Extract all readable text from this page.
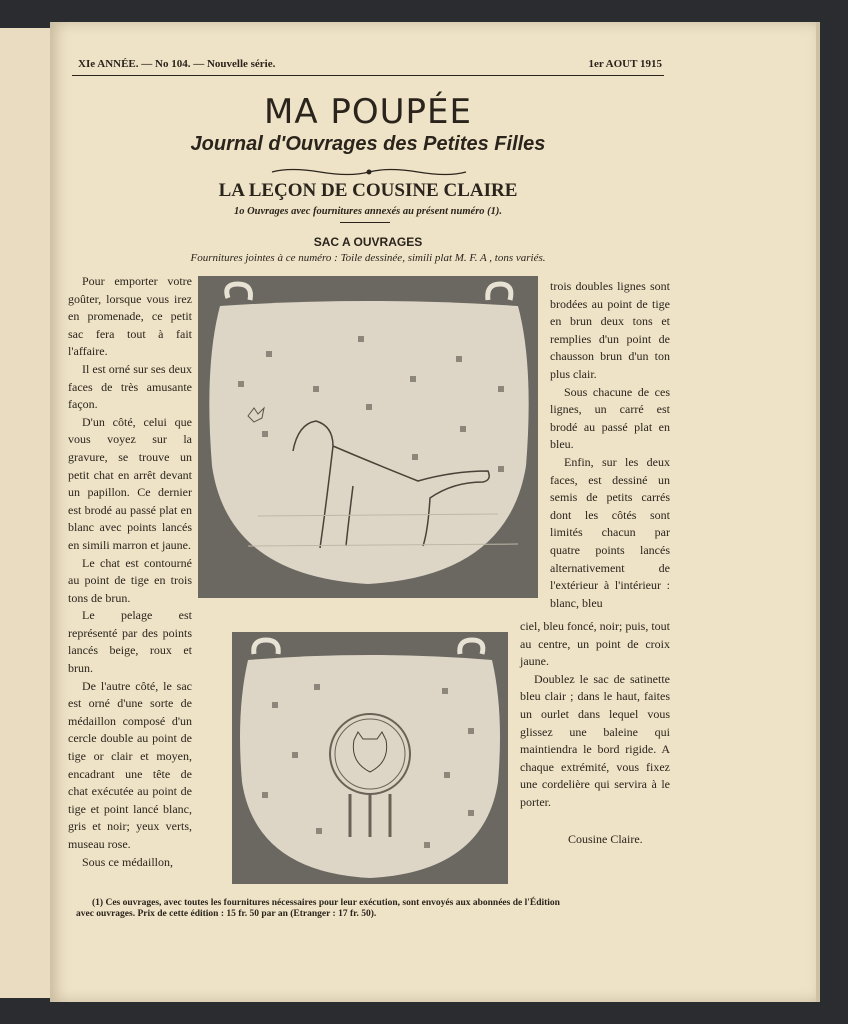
XIe ANNÉE. — No 104. — Nouvelle série.	1er AOUT 1915
MA POUPÉE
Journal d'Ouvrages des Petites Filles
LA LEÇON DE COUSINE CLAIRE
1o Ouvrages avec fournitures annexés au présent numéro (1).
SAC A OUVRAGES
Fournitures jointes à ce numéro : Toile dessinée, simili plat M. F. A , tons variés.

Pour emporter votre goûter, lorsque vous irez en promenade, ce petit sac fera tout à fait l'affaire.

Il est orné sur ses deux faces de très amusante façon.

D'un côté, celui que vous voyez sur la gravure, se trouve un petit chat en arrêt devant un papillon. Ce dernier est brodé au passé plat en blanc avec points lancés en simili marron et jaune.

Le chat est contourné au point de tige en trois tons de brun.

Le pelage est représenté par des points lancés beige, roux et brun.

De l'autre côté, le sac est orné d'une sorte de médaillon composé d'un cercle double au point de tige or clair et moyen, encadrant une tête de chat exécutée au point de tige et point lancé blanc, gris et noir; yeux verts, museau rose.

Sous ce médaillon,

trois doubles lignes sont brodées au point de tige en brun deux tons et remplies d'un point de chausson brun d'un ton plus clair.

Sous chacune de ces lignes, un carré est brodé au passé plat en bleu.

Enfin, sur les deux faces, est dessiné un semis de petits carrés dont les côtés sont limités chacun par quatre points lancés alternativement de l'extérieur à l'intérieur : blanc, bleu

ciel, bleu foncé, noir; puis, tout au centre, un point de croix jaune.

Doublez le sac de satinette bleu clair ; dans le haut, faites un ourlet dans lequel vous glissez une baleine qui maintiendra le bord rigide. A chaque extrémité, vous fixez une cordelière qui servira à le porter.

Cousine Claire.
(1) Ces ouvrages, avec toutes les fournitures nécessaires pour leur exécution, sont envoyés aux abonnées de l'Édition
avec ouvrages. Prix de cette édition : 15 fr. 50 par an (Etranger : 17 fr. 50).
